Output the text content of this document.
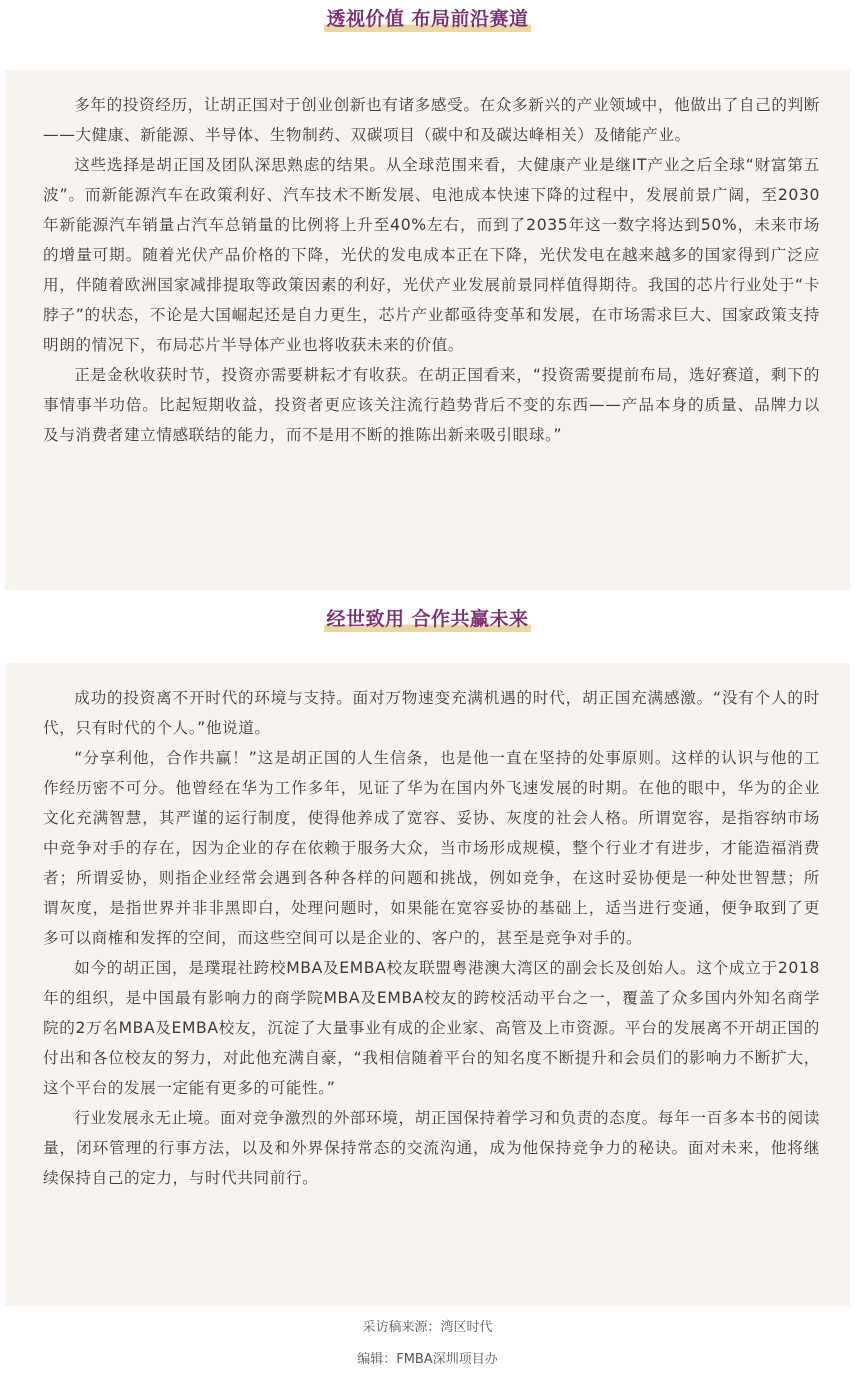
透视价值 布局前沿赛道

多年的投资经历，让胡正国对于创业创新也有诸多感受。在众多新兴的产业领域中，他做出了自己的判断——大健康、新能源、半导体、生物制药、双碳项目（碳中和及碳达峰相关）及储能产业。

这些选择是胡正国及团队深思熟虑的结果。从全球范围来看，大健康产业是继IT产业之后全球“财富第五波”。而新能源汽车在政策利好、汽车技术不断发展、电池成本快速下降的过程中，发展前景广阔，至2030年新能源汽车销量占汽车总销量的比例将上升至40%左右，而到了2035年这一数字将达到50%，未来市场的增量可期。随着光伏产品价格的下降，光伏的发电成本正在下降，光伏发电在越来越多的国家得到广泛应用，伴随着欧洲国家减排提取等政策因素的利好，光伏产业发展前景同样值得期待。我国的芯片行业处于“卡脖子”的状态，不论是大国崛起还是自力更生，芯片产业都亟待变革和发展，在市场需求巨大、国家政策支持明朗的情况下，布局芯片半导体产业也将收获未来的价值。

正是金秋收获时节，投资亦需要耕耘才有收获。在胡正国看来，“投资需要提前布局，选好赛道，剩下的事情事半功倍。比起短期收益，投资者更应该关注流行趋势背后不变的东西——产品本身的质量、品牌力以及与消费者建立情感联结的能力，而不是用不断的推陈出新来吸引眼球。”

经世致用 合作共赢未来

成功的投资离不开时代的环境与支持。面对万物速变充满机遇的时代，胡正国充满感激。“没有个人的时代，只有时代的个人。”他说道。

“分享利他，合作共赢！”这是胡正国的人生信条，也是他一直在坚持的处事原则。这样的认识与他的工作经历密不可分。他曾经在华为工作多年，见证了华为在国内外飞速发展的时期。在他的眼中，华为的企业文化充满智慧，其严谨的运行制度，使得他养成了宽容、妥协、灰度的社会人格。所谓宽容，是指容纳市场中竞争对手的存在，因为企业的存在依赖于服务大众，当市场形成规模，整个行业才有进步，才能造福消费者；所谓妥协，则指企业经常会遇到各种各样的问题和挑战，例如竞争，在这时妥协便是一种处世智慧；所谓灰度，是指世界并非非黑即白，处理问题时，如果能在宽容妥协的基础上，适当进行变通，便争取到了更多可以商榷和发挥的空间，而这些空间可以是企业的、客户的，甚至是竞争对手的。

如今的胡正国，是璞琨社跨校MBA及EMBA校友联盟粤港澳大湾区的副会长及创始人。这个成立于2018年的组织，是中国最有影响力的商学院MBA及EMBA校友的跨校活动平台之一，覆盖了众多国内外知名商学院的2万名MBA及EMBA校友，沉淀了大量事业有成的企业家、高管及上市资源。平台的发展离不开胡正国的付出和各位校友的努力，对此他充满自豪，“我相信随着平台的知名度不断提升和会员们的影响力不断扩大，这个平台的发展一定能有更多的可能性。”

行业发展永无止境。面对竞争激烈的外部环境，胡正国保持着学习和负责的态度。每年一百多本书的阅读量，闭环管理的行事方法，以及和外界保持常态的交流沟通，成为他保持竞争力的秘诀。面对未来，他将继续保持自己的定力，与时代共同前行。

采访稿来源：湾区时代
编辑：FMBA深圳项目办
